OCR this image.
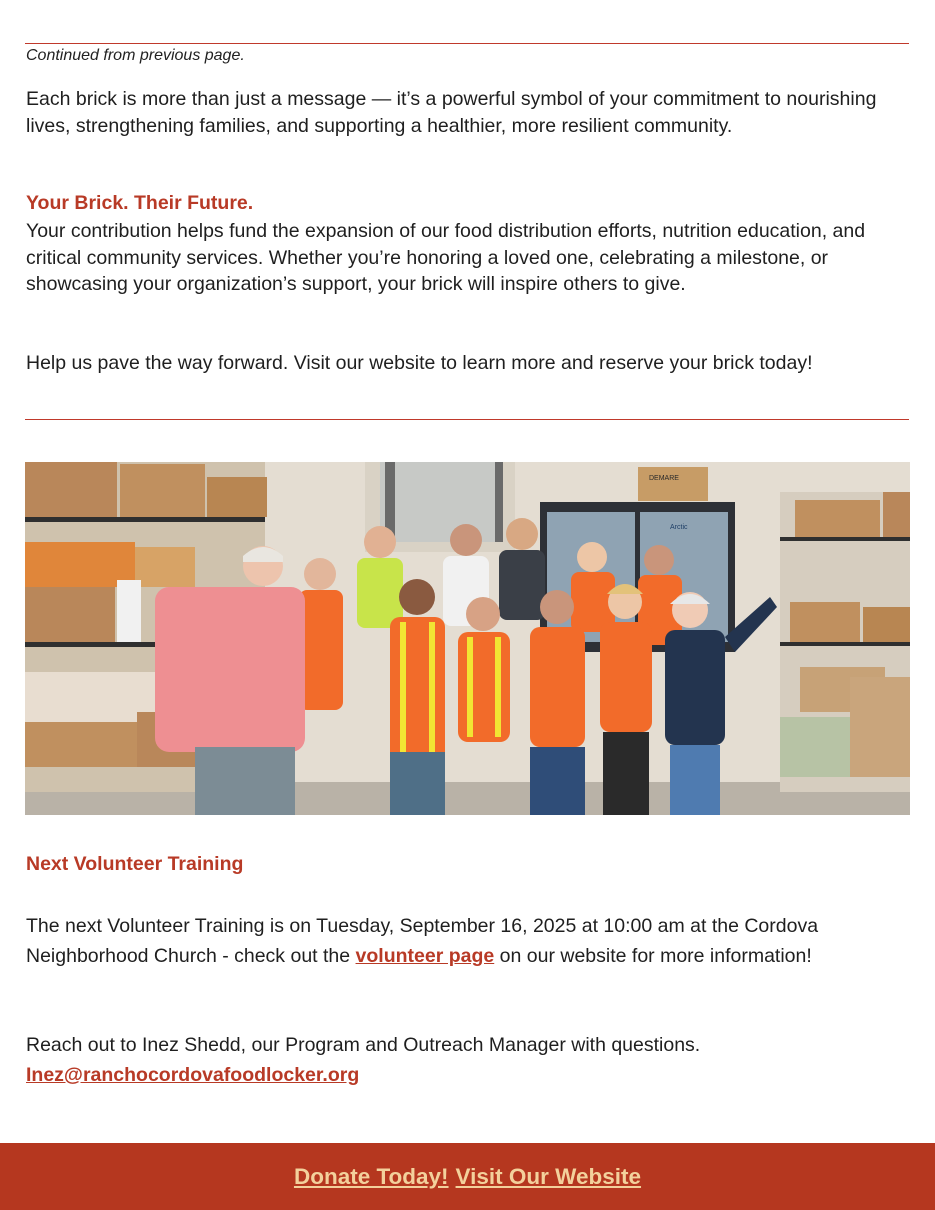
Continued from previous page.

Each brick is more than just a message — it’s a powerful symbol of your commitment to nourishing lives, strengthening families, and supporting a healthier, more resilient community.

Your Brick. Their Future.

Your contribution helps fund the expansion of our food distribution efforts, nutrition education, and critical community services. Whether you’re honoring a loved one, celebrating a milestone, or showcasing your organization’s support, your brick will inspire others to give.

Help us pave the way forward. Visit our website to learn more and reserve your brick today!

DEMARE
Arctic

Next Volunteer Training

The next Volunteer Training is on Tuesday, September 16, 2025 at 10:00 am at the Cordova Neighborhood Church - check out the volunteer page on our website for more information!

Reach out to Inez Shedd, our Program and Outreach Manager with questions.
Inez@ranchocordovafoodlocker.org

Donate Today! Visit Our Website
